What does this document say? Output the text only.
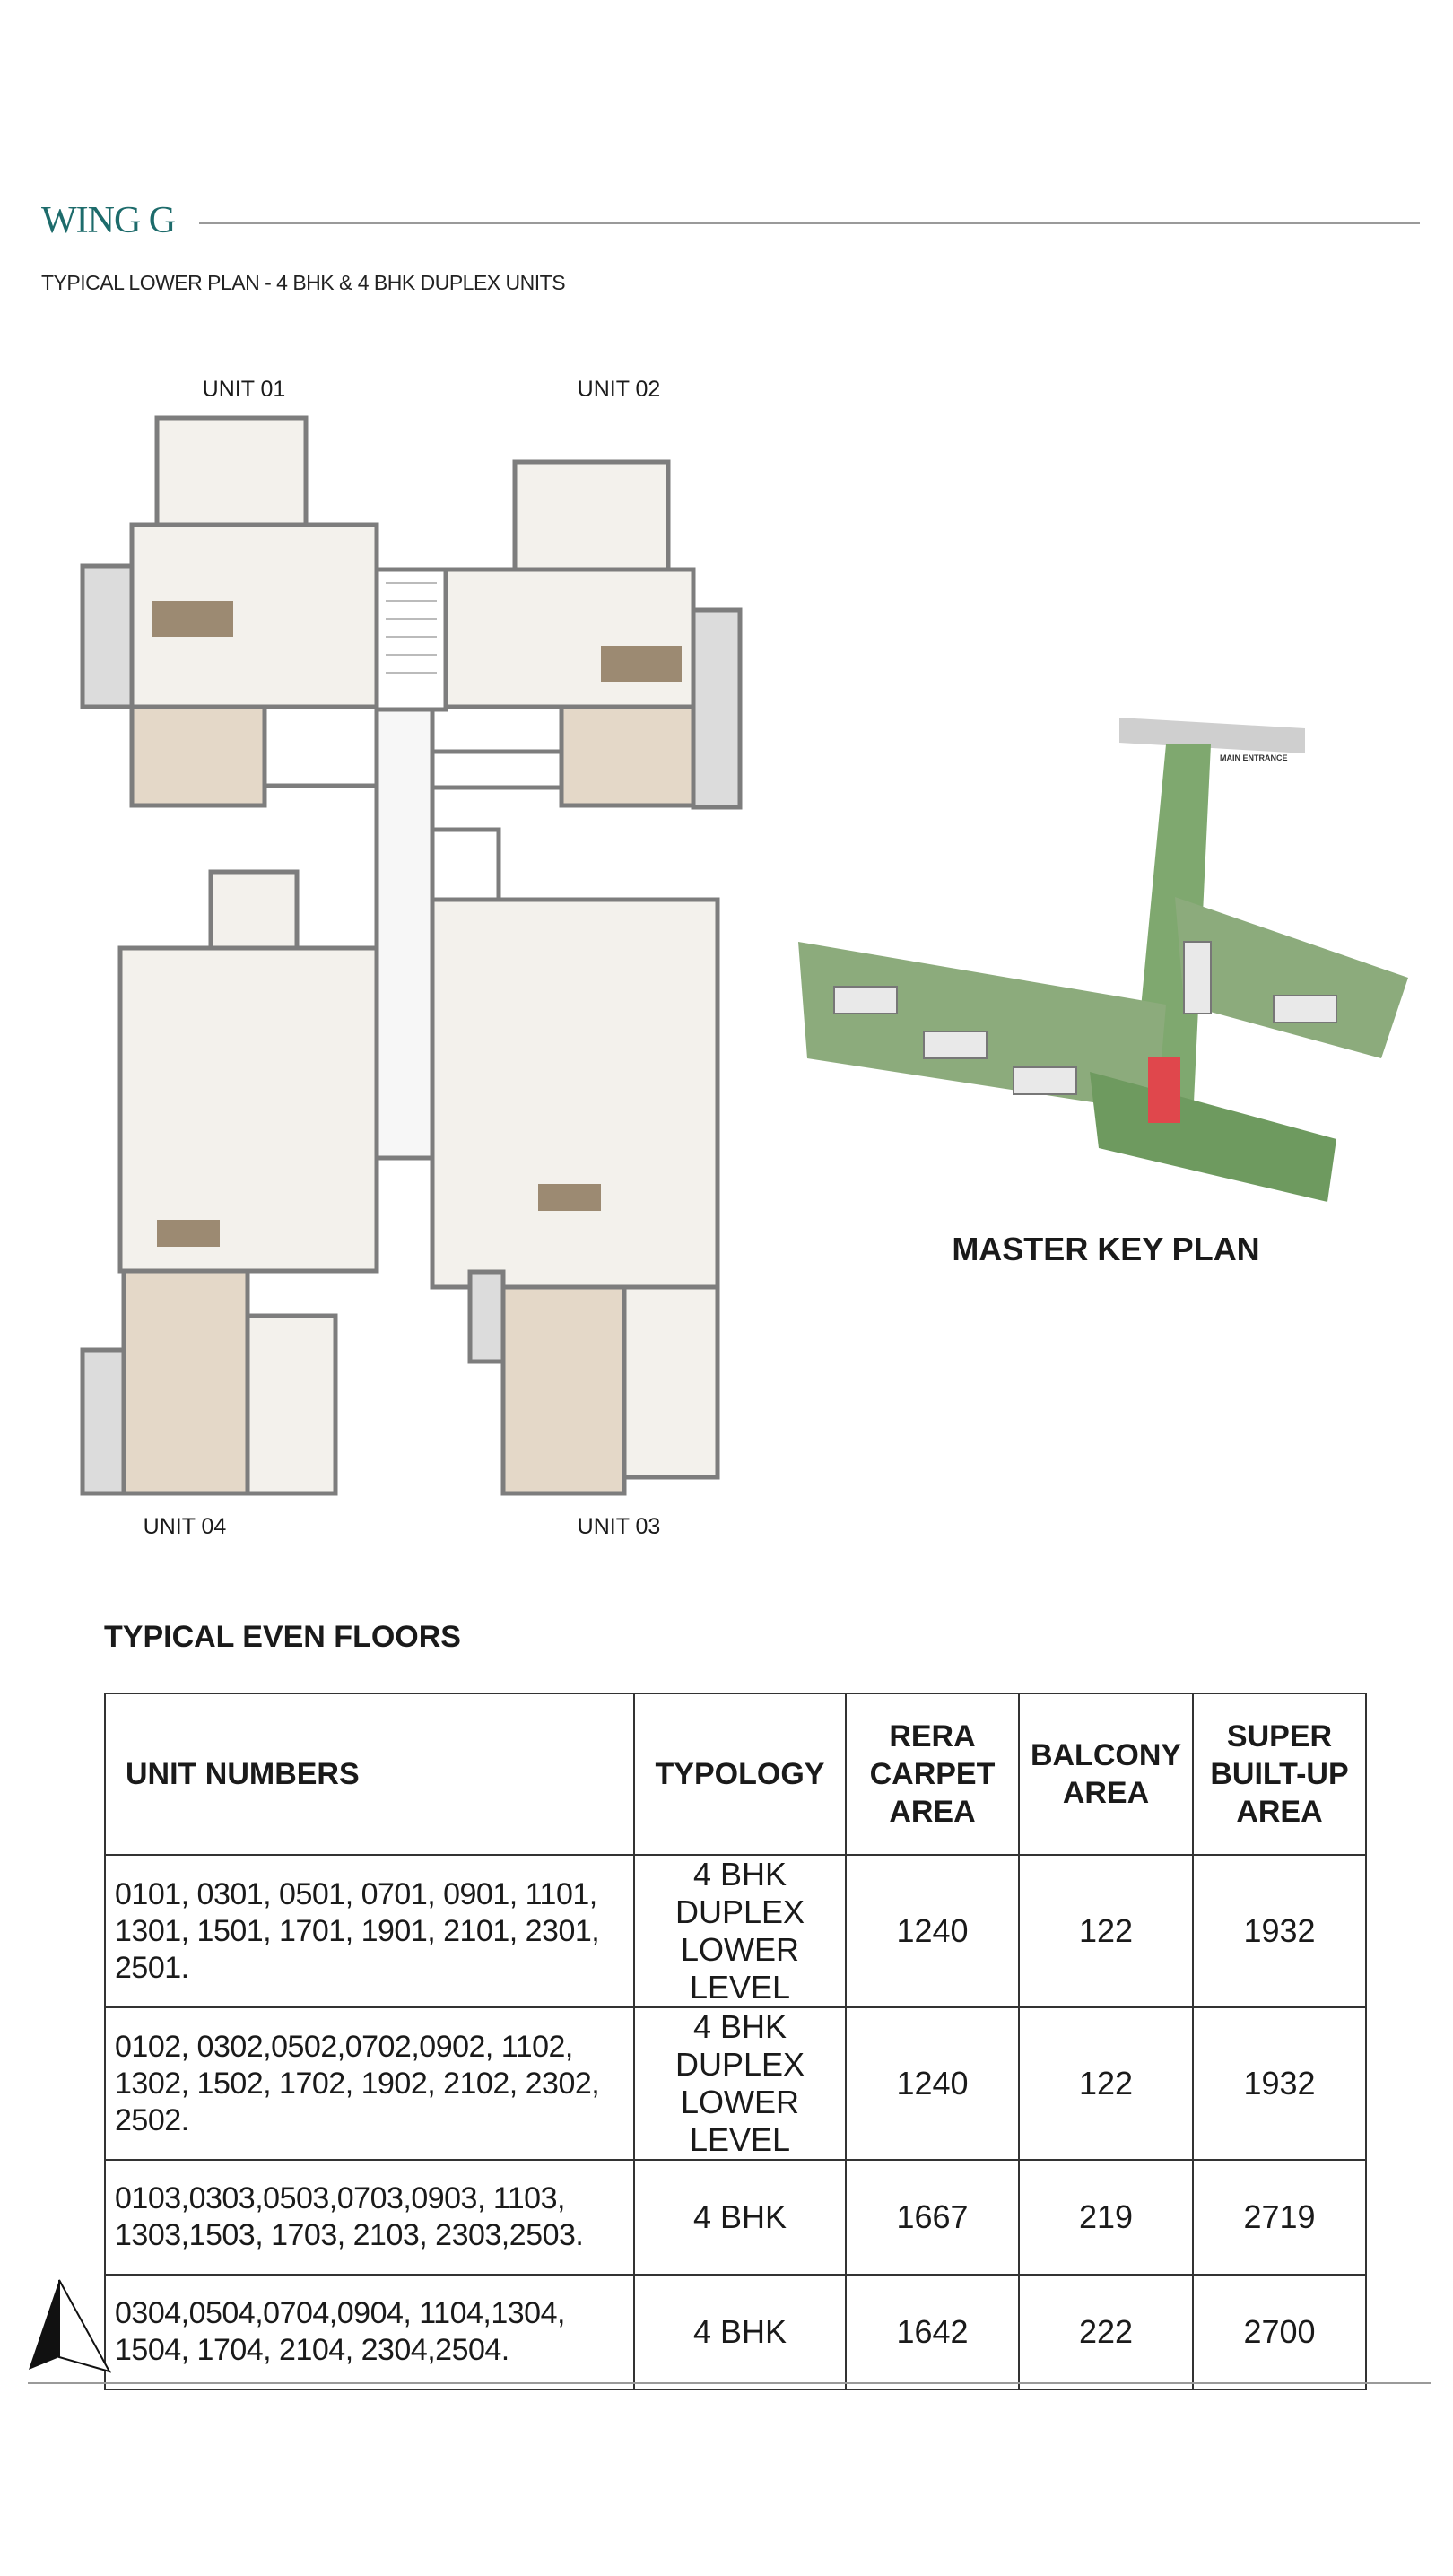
WING G
TYPICAL LOWER PLAN - 4 BHK & 4 BHK DUPLEX UNITS
UNIT 01	UNIT 02
UNIT 03
UNIT 04
MAIN ENTRANCE
MASTER KEY PLAN
TYPICAL EVEN FLOORS
UNIT NUMBERS	TYPOLOGY	RERA CARPET AREA	BALCONY AREA	SUPER BUILT-UP AREA
0101, 0301, 0501, 0701, 0901, 1101, 1301, 1501, 1701, 1901, 2101, 2301, 2501.	4 BHK DUPLEX LOWER LEVEL	1240	122	1932
0102, 0302,0502,0702,0902, 1102, 1302, 1502, 1702, 1902, 2102, 2302, 2502.	4 BHK DUPLEX LOWER LEVEL	1240	122	1932
0103,0303,0503,0703,0903, 1103, 1303,1503, 1703, 2103, 2303,2503.	4 BHK	1667	219	2719
0304,0504,0704,0904, 1104,1304, 1504, 1704, 2104, 2304,2504.	4 BHK	1642	222	2700
